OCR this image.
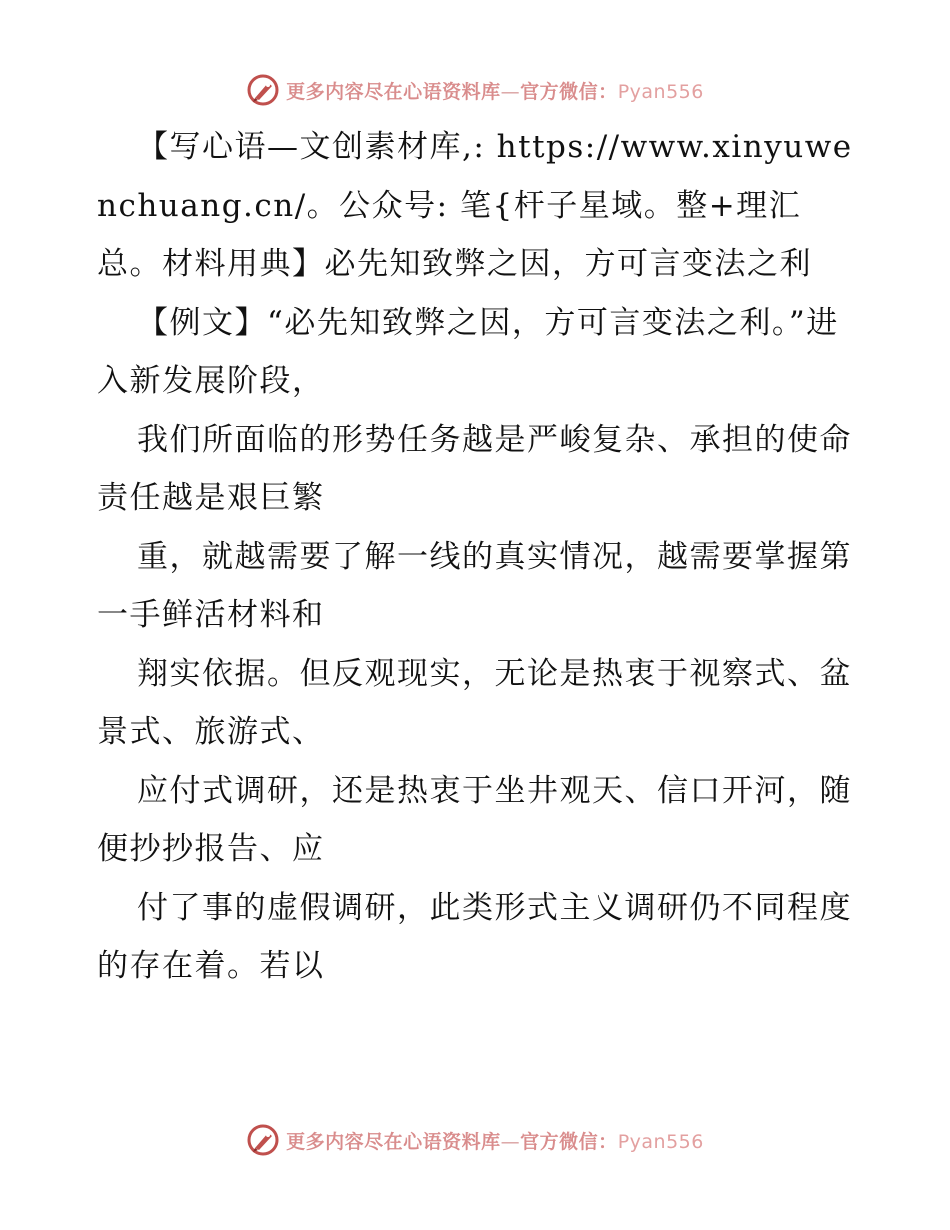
更多内容尽在心语资料库—官方微信：Pyan556

【写心语—文创素材库,: https://www.xinyuwenchuang.cn/。公众号: 笔{杆子星域。整+理汇总。材料用典】必先知致弊之因，方可言变法之利

【例文】“必先知致弊之因，方可言变法之利。”进入新发展阶段，

我们所面临的形势任务越是严峻复杂、承担的使命责任越是艰巨繁

重，就越需要了解一线的真实情况，越需要掌握第一手鲜活材料和

翔实依据。但反观现实，无论是热衷于视察式、盆景式、旅游式、

应付式调研，还是热衷于坐井观天、信口开河，随便抄抄报告、应

付了事的虚假调研，此类形式主义调研仍不同程度的存在着。若以

更多内容尽在心语资料库—官方微信：Pyan556
